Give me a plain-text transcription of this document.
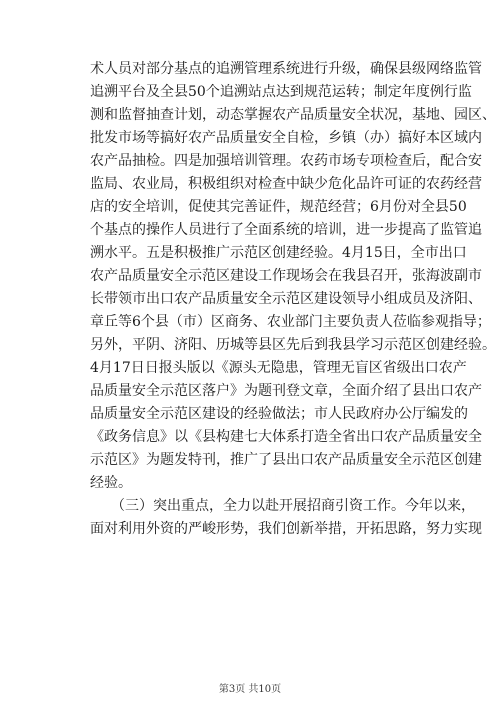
术人员对部分基点的追溯管理系统进行升级，确保县级网络监管
追溯平台及全县50个追溯站点达到规范运转；制定年度例行监
测和监督抽查计划，动态掌握农产品质量安全状况，基地、园区、
批发市场等搞好农产品质量安全自检，乡镇（办）搞好本区域内
农产品抽检。四是加强培训管理。农药市场专项检查后，配合安
监局、农业局，积极组织对检查中缺少危化品许可证的农药经营
店的安全培训，促使其完善证件，规范经营；6月份对全县50
个基点的操作人员进行了全面系统的培训，进一步提高了监管追
溯水平。五是积极推广示范区创建经验。4月15日，全市出口
农产品质量安全示范区建设工作现场会在我县召开，张海波副市
长带领市出口农产品质量安全示范区建设领导小组成员及济阳、
章丘等6个县（市）区商务、农业部门主要负责人莅临参观指导；
另外，平阴、济阳、历城等县区先后到我县学习示范区创建经验。
4月17日日报头版以《源头无隐患，管理无盲区省级出口农产
品质量安全示范区落户》为题刊登文章，全面介绍了县出口农产
品质量安全示范区建设的经验做法；市人民政府办公厅编发的
《政务信息》以《县构建七大体系打造全省出口农产品质量安全
示范区》为题发特刊，推广了县出口农产品质量安全示范区创建
经验。
　　（三）突出重点，全力以赴开展招商引资工作。今年以来，
面对利用外资的严峻形势，我们创新举措，开拓思路，努力实现
第3页 共10页
